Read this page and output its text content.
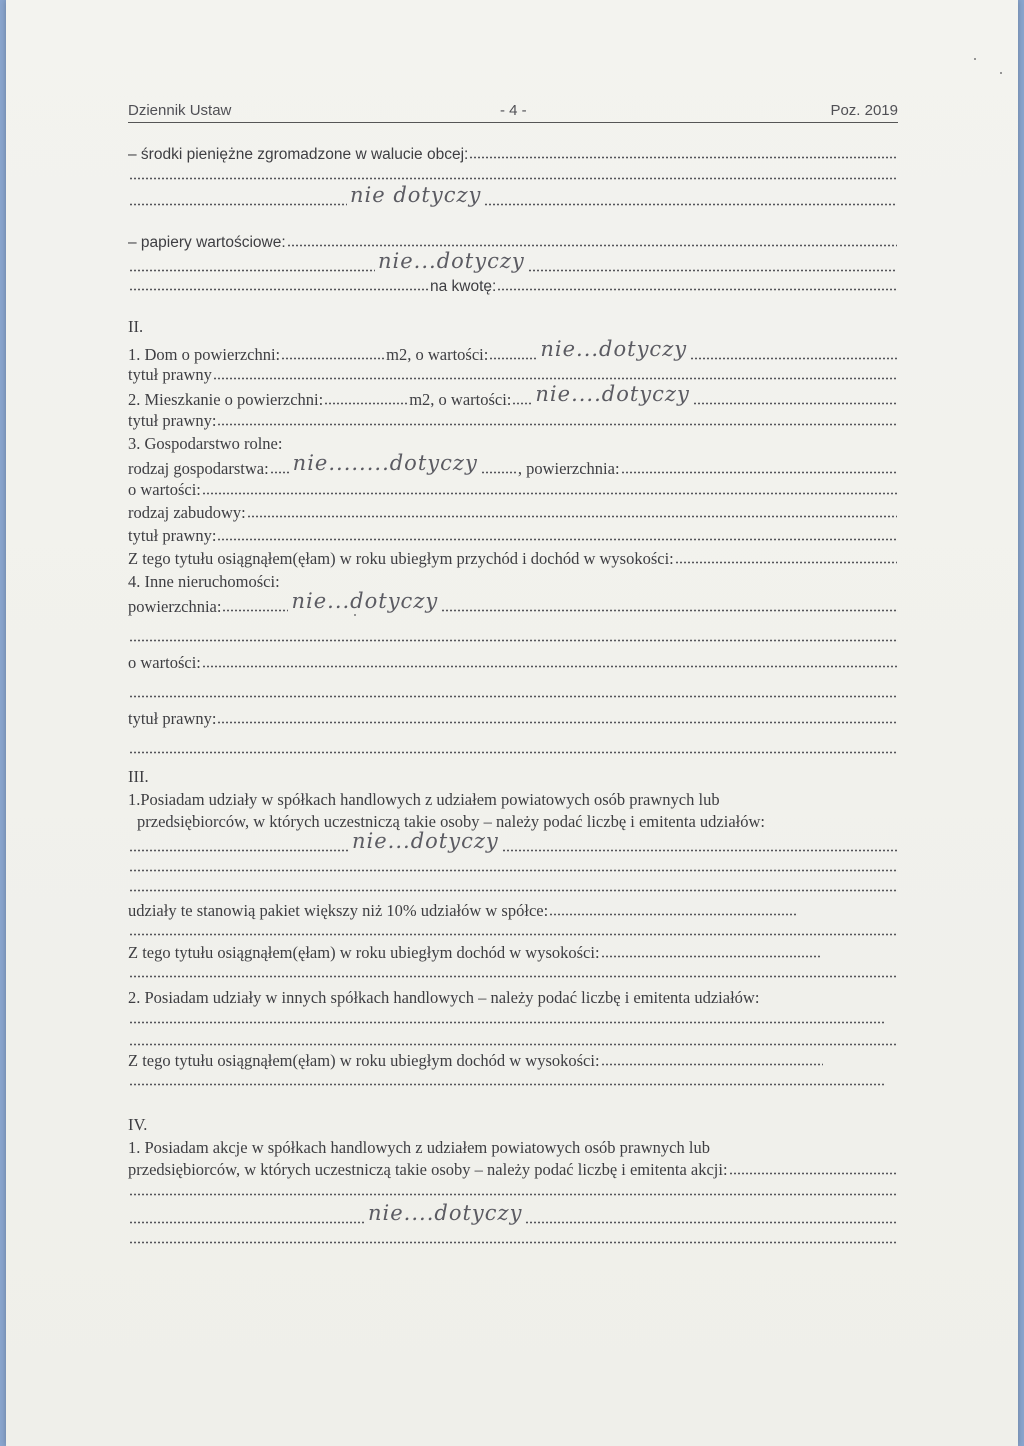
Dziennik Ustaw	- 4 -	Poz. 2019
– środki pieniężne zgromadzone w walucie obcej:
nie dotyczy
– papiery wartościowe:
nie...dotyczy
na kwotę:
II.
1. Dom o powierzchni:	m2, o wartości: nie...dotyczy
tytuł prawny
2. Mieszkanie o powierzchni:	m2, o wartości: nie....dotyczy
tytuł prawny:
3. Gospodarstwo rolne:
rodzaj gospodarstwa: nie........dotyczy , powierzchnia:
o wartości:
rodzaj zabudowy:
tytuł prawny:
Z tego tytułu osiągnąłem(ęłam) w roku ubiegłym przychód i dochód w wysokości:
4. Inne nieruchomości:
powierzchnia:	nie...dotyczy
o wartości:
tytuł prawny:
III.
1.Posiadam udziały w spółkach handlowych z udziałem powiatowych osób prawnych lub
przedsiębiorców, w których uczestniczą takie osoby – należy podać liczbę i emitenta udziałów:
nie...dotyczy
udziały te stanowią pakiet większy niż 10% udziałów w spółce:
Z tego tytułu osiągnąłem(ęłam) w roku ubiegłym dochód w wysokości:
2. Posiadam udziały w innych spółkach handlowych – należy podać liczbę i emitenta udziałów:
Z tego tytułu osiągnąłem(ęłam) w roku ubiegłym dochód w wysokości:
IV.
1. Posiadam akcje w spółkach handlowych z udziałem powiatowych osób prawnych lub
przedsiębiorców, w których uczestniczą takie osoby – należy podać liczbę i emitenta akcji:
nie....dotyczy
